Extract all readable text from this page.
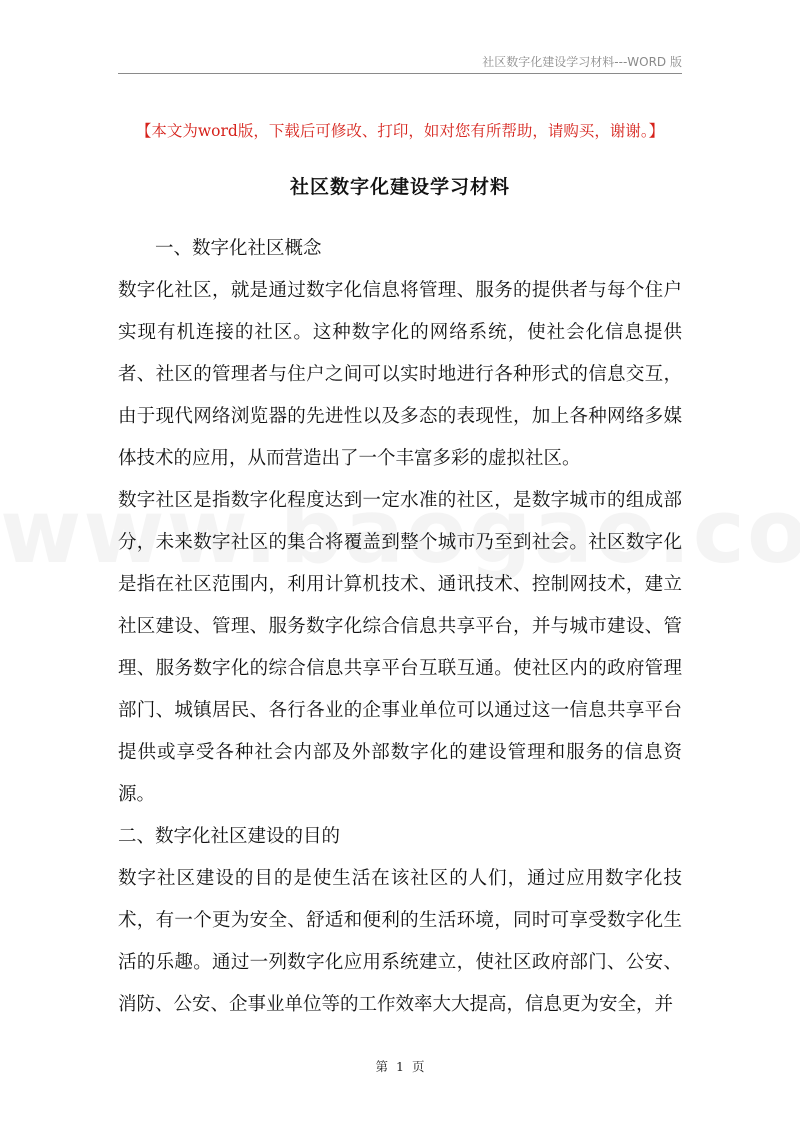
社区数字化建设学习材料---WORD 版
【本文为word版，下载后可修改、打印，如对您有所帮助，请购买，谢谢。】
社区数字化建设学习材料

一、数字化社区概念

数字化社区，就是通过数字化信息将管理、服务的提供者与每个住户实现有机连接的社区。这种数字化的网络系统，使社会化信息提供者、社区的管理者与住户之间可以实时地进行各种形式的信息交互，由于现代网络浏览器的先进性以及多态的表现性，加上各种网络多媒体技术的应用，从而营造出了一个丰富多彩的虚拟社区。

数字社区是指数字化程度达到一定水准的社区，是数字城市的组成部分，未来数字社区的集合将覆盖到整个城市乃至到社会。社区数字化是指在社区范围内，利用计算机技术、通讯技术、控制网技术，建立社区建设、管理、服务数字化综合信息共享平台，并与城市建设、管理、服务数字化的综合信息共享平台互联互通。使社区内的政府管理部门、城镇居民、各行各业的企事业单位可以通过这一信息共享平台提供或享受各种社会内部及外部数字化的建设管理和服务的信息资源。

二、数字化社区建设的目的

数字社区建设的目的是使生活在该社区的人们，通过应用数字化技术，有一个更为安全、舒适和便利的生活环境，同时可享受数字化生活的乐趣。通过一列数字化应用系统建立，使社区政府部门、公安、消防、公安、企事业单位等的工作效率大大提高，信息更为安全，并

第 1 页
